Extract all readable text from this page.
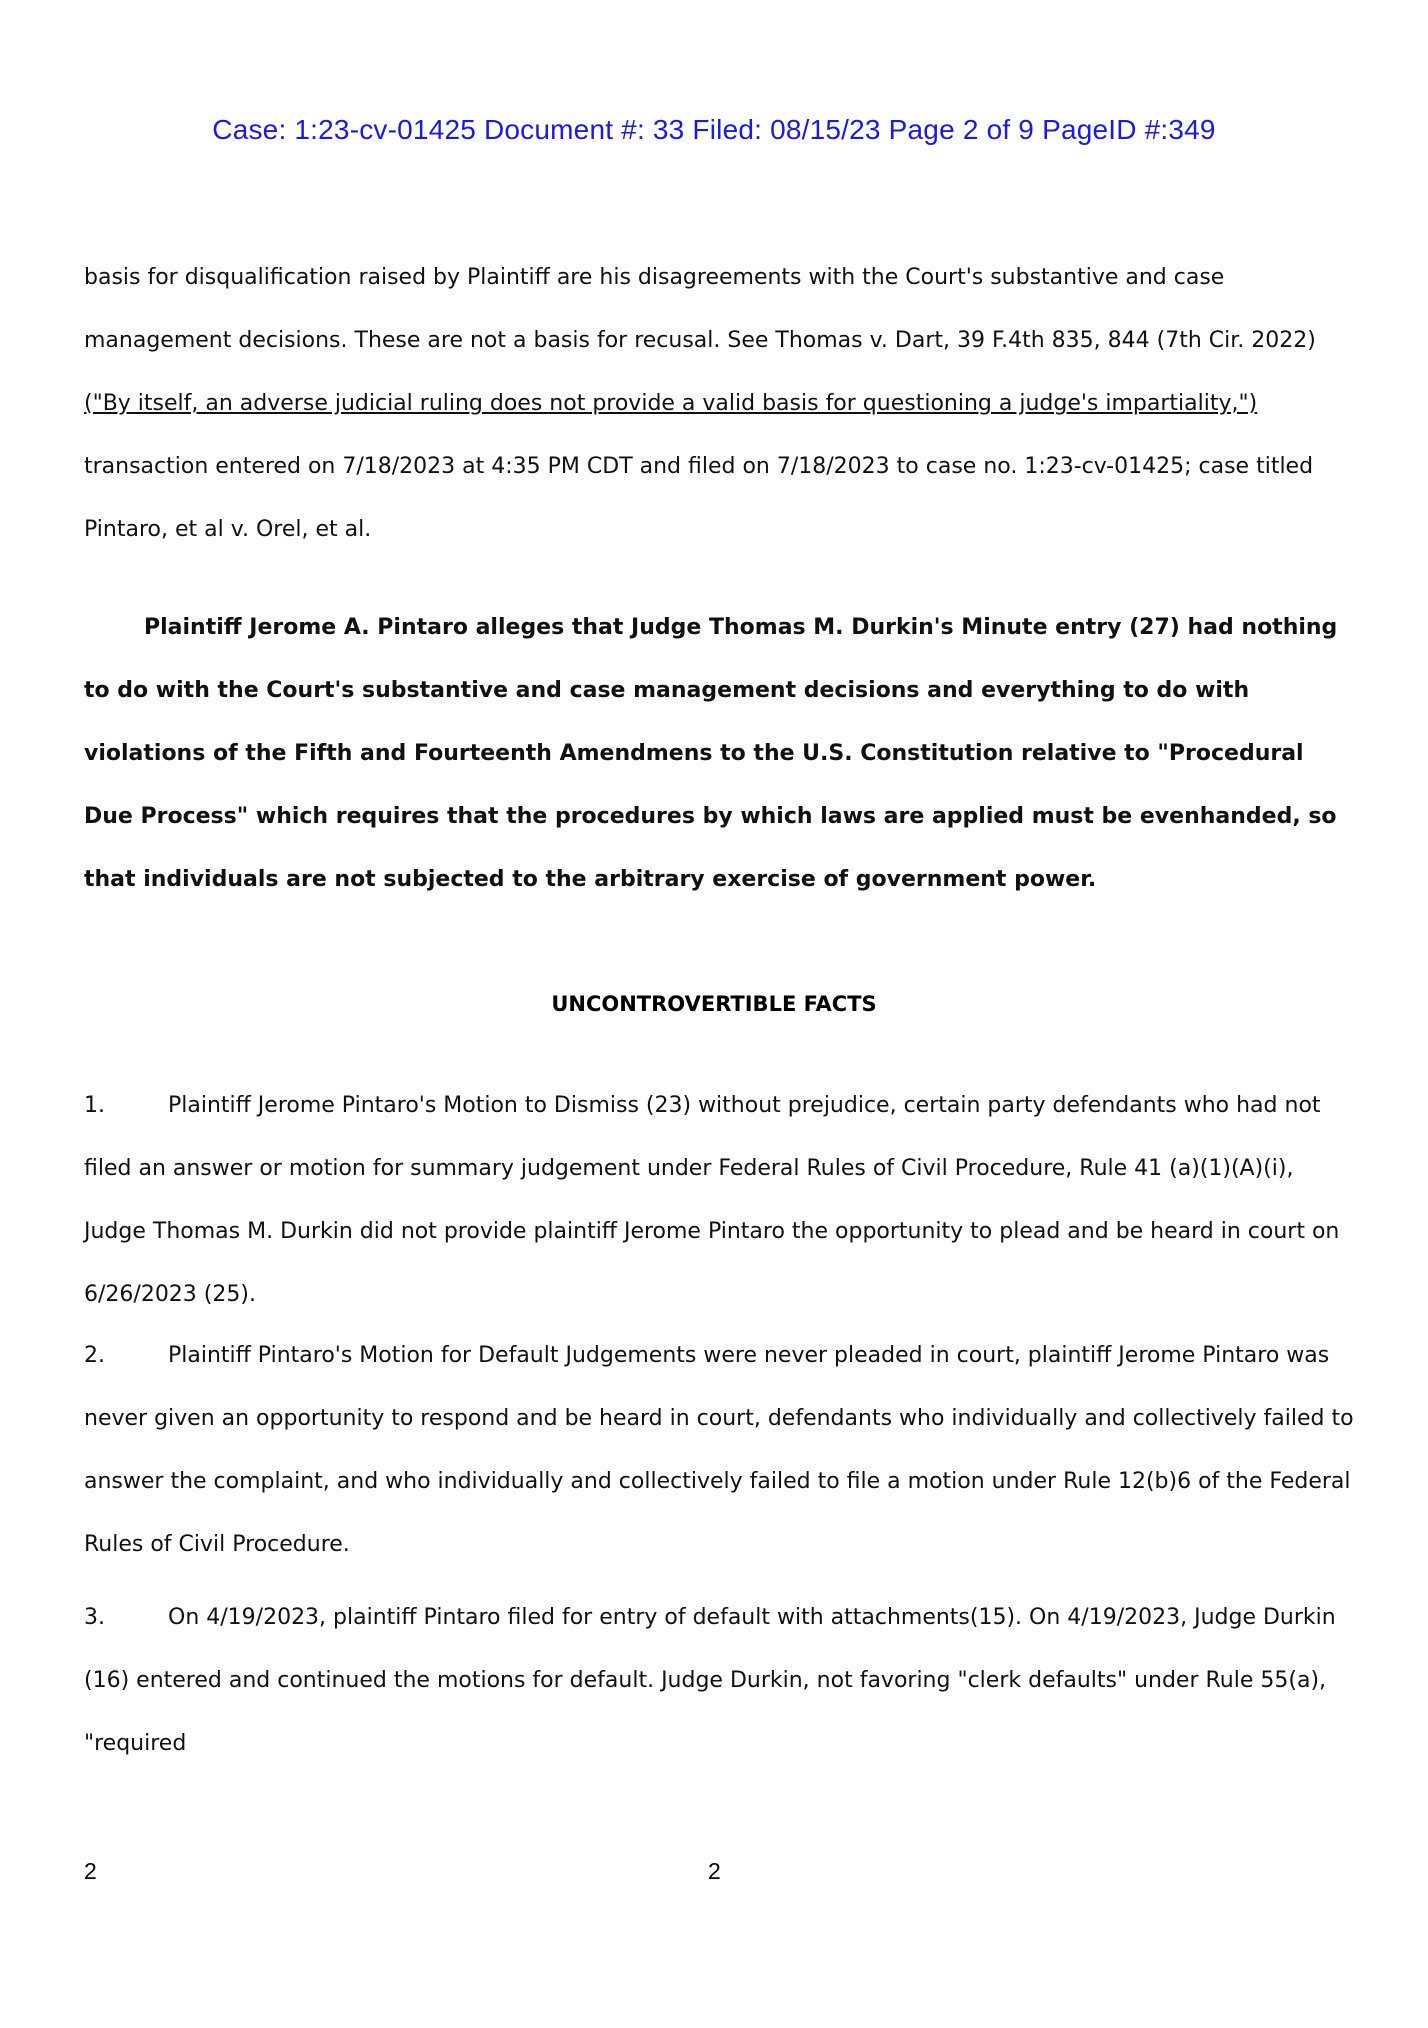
Case: 1:23-cv-01425 Document #: 33 Filed: 08/15/23 Page 2 of 9 PageID #:349
basis for disqualification raised by Plaintiff are his disagreements with the Court's substantive and case management decisions. These are not a basis for recusal. See Thomas v. Dart, 39 F.4th 835, 844 (7th Cir. 2022) ("By itself, an adverse judicial ruling does not provide a valid basis for questioning a judge's impartiality,") transaction entered on 7/18/2023 at 4:35 PM CDT and filed on 7/18/2023 to case no. 1:23-cv-01425; case titled Pintaro, et al v. Orel, et al.
Plaintiff Jerome A. Pintaro alleges that Judge Thomas M. Durkin's Minute entry (27) had nothing to do with the Court's substantive and case management decisions and everything to do with violations of the Fifth and Fourteenth Amendmens to the U.S. Constitution relative to "Procedural Due Process" which requires that the procedures by which laws are applied must be evenhanded, so that individuals are not subjected to the arbitrary exercise of government power.
UNCONTROVERTIBLE FACTS
1.	Plaintiff Jerome Pintaro's Motion to Dismiss (23) without prejudice, certain party defendants who had not filed an answer or motion for summary judgement under Federal Rules of Civil Procedure, Rule 41 (a)(1)(A)(i), Judge Thomas M. Durkin did not provide plaintiff Jerome Pintaro the opportunity to plead and be heard in court on 6/26/2023 (25).
2.	Plaintiff Pintaro's Motion for Default Judgements were never pleaded in court, plaintiff Jerome Pintaro was never given an opportunity to respond and be heard in court, defendants who individually and collectively failed to answer the complaint, and who individually and collectively failed to file a motion under Rule 12(b)6 of the Federal Rules of Civil Procedure.
3.	On 4/19/2023, plaintiff Pintaro filed for entry of default with attachments(15). On 4/19/2023, Judge Durkin (16) entered and continued the motions for default. Judge Durkin, not favoring "clerk defaults" under Rule 55(a), "required
2	2
